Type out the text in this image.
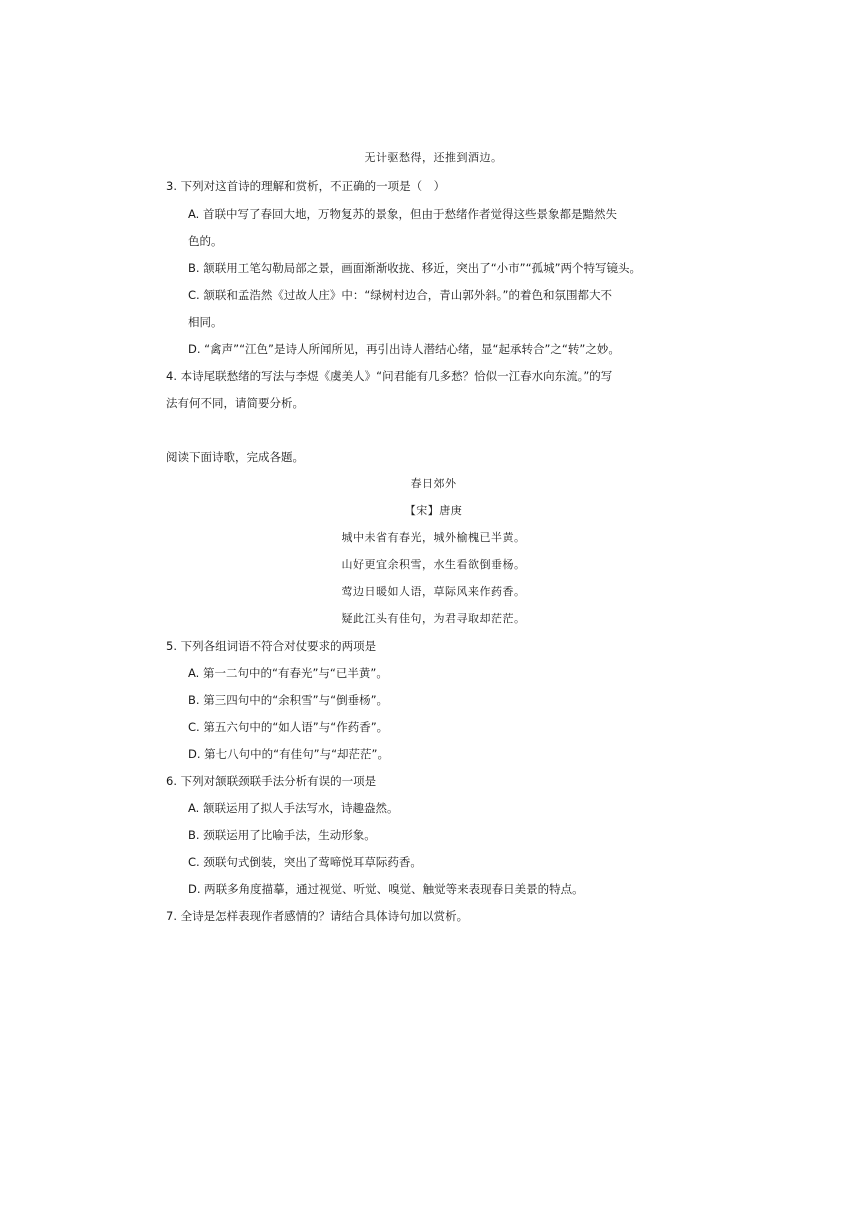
无计驱愁得，还推到酒边。
3. 下列对这首诗的理解和赏析，不正确的一项是（　）
A. 首联中写了春回大地，万物复苏的景象，但由于愁绪作者觉得这些景象都是黯然失
色的。
B. 颔联用工笔勾勒局部之景，画面渐渐收拢、移近，突出了“小市”“孤城”两个特写镜头。
C. 颔联和孟浩然《过故人庄》中：“绿树村边合，青山郭外斜。”的着色和氛围都大不
相同。
D. “禽声”“江色”是诗人所闻所见，再引出诗人潜结心绪，显“起承转合”之“转”之妙。
4. 本诗尾联愁绪的写法与李煜《虞美人》“问君能有几多愁？恰似一江春水向东流。”的写
法有何不同，请简要分析。
阅读下面诗歌，完成各题。
春日郊外
【宋】唐庚
城中未省有春光，城外榆槐已半黄。
山好更宜余积雪，水生看欲倒垂杨。
莺边日暖如人语，草际风来作药香。
疑此江头有佳句，为君寻取却茫茫。
5. 下列各组词语不符合对仗要求的两项是
A. 第一二句中的“有春光”与“已半黄”。
B. 第三四句中的“余积雪”与“倒垂杨”。
C. 第五六句中的“如人语”与“作药香”。
D. 第七八句中的“有佳句”与“却茫茫”。
6. 下列对颔联颈联手法分析有误的一项是
A. 颔联运用了拟人手法写水，诗趣盎然。
B. 颈联运用了比喻手法，生动形象。
C. 颈联句式倒装，突出了莺啼悦耳草际药香。
D. 两联多角度描摹，通过视觉、听觉、嗅觉、触觉等来表现春日美景的特点。
7. 全诗是怎样表现作者感情的？请结合具体诗句加以赏析。
